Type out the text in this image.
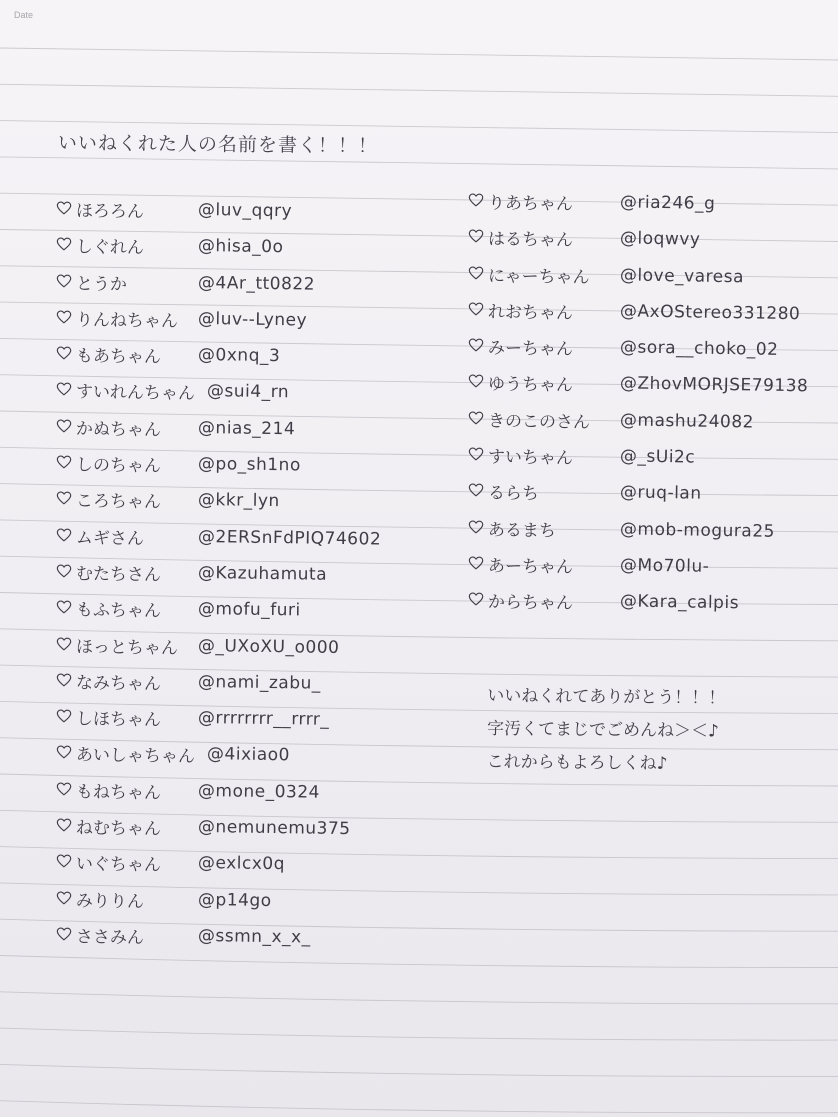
Date
いいねくれた人の名前を書く！！！
ほろろん	@luv_qqry
しぐれん	@hisa_0o
とうか	@4Ar_tt0822
りんねちゃん	@luv--Lyney
もあちゃん	@0xnq_3
すいれんちゃん @sui4_rn
かぬちゃん	@nias_214
しのちゃん	@po_sh1no
ころちゃん	@kkr_lyn
ムギさん	@2ERSnFdPIQ74602
むたちさん	@Kazuhamuta
もふちゃん	@mofu_furi
ほっとちゃん	@_UXoXU_o000
なみちゃん	@nami_zabu_
しほちゃん	@rrrrrrrr__rrrr_
あいしゃちゃん @4ixiao0
もねちゃん	@mone_0324
ねむちゃん	@nemunemu375
いぐちゃん	@exlcx0q
みりりん	@p14go
ささみん	@ssmn_x_x_
りあちゃん	@ria246_g
はるちゃん	@loqwvy
にゃーちゃん	@love_varesa
れおちゃん	@AxOStereo331280
みーちゃん	@sora__choko_02
ゆうちゃん	@ZhovMORJSE79138
きのこのさん	@mashu24082
すいちゃん	@_sUi2c
るらち	@ruq-lan
あるまち	@mob-mogura25
あーちゃん	@Mo70lu-
からちゃん	@Kara_calpis
いいねくれてありがとう！！！
字汚くてまじでごめんね＞＜♪
これからもよろしくね♪
